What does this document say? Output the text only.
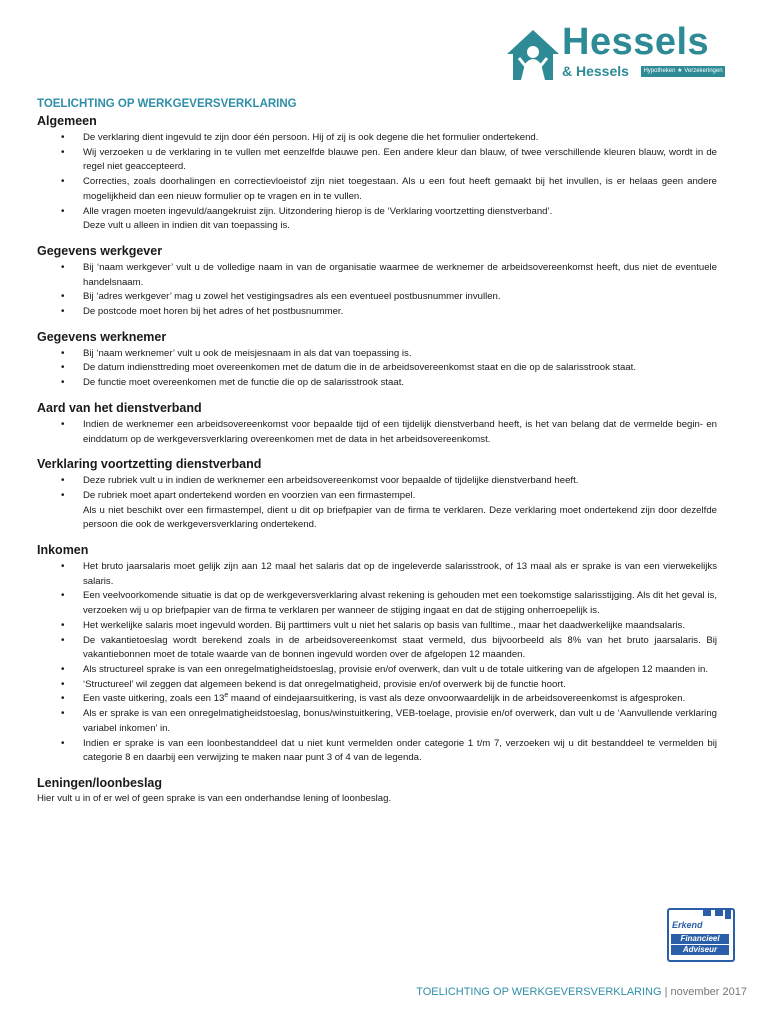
Hessels
& Hessels	Hypotheken ★ Verzekeringen
TOELICHTING OP WERKGEVERSVERKLARING
Algemeen
• De verklaring dient ingevuld te zijn door één persoon. Hij of zij is ook degene die het formulier ondertekend.
• Wij verzoeken u de verklaring in te vullen met eenzelfde blauwe pen. Een andere kleur dan blauw, of twee verschillende kleuren blauw, wordt in de regel niet geaccepteerd.
• Correcties, zoals doorhalingen en correctievloeistof zijn niet toegestaan. Als u een fout heeft gemaakt bij het invullen, is er helaas geen andere mogelijkheid dan een nieuw formulier op te vragen en in te vullen.
• Alle vragen moeten ingevuld/aangekruist zijn. Uitzondering hierop is de ‘Verklaring voortzetting dienstverband’.
Deze vult u alleen in indien dit van toepassing is.
Gegevens werkgever
• Bij ‘naam werkgever’ vult u de volledige naam in van de organisatie waarmee de werknemer de arbeidsovereenkomst heeft, dus niet de eventuele handelsnaam.
• Bij ‘adres werkgever’ mag u zowel het vestigingsadres als een eventueel postbusnummer invullen.
• De postcode moet horen bij het adres of het postbusnummer.
Gegevens werknemer
• Bij ‘naam werknemer’ vult u ook de meisjesnaam in als dat van toepassing is.
• De datum indiensttreding moet overeenkomen met de datum die in de arbeidsovereenkomst staat en die op de salarisstrook staat.
• De functie moet overeenkomen met de functie die op de salarisstrook staat.
Aard van het dienstverband
• Indien de werknemer een arbeidsovereenkomst voor bepaalde tijd of een tijdelijk dienstverband heeft, is het van belang dat de vermelde begin- en einddatum op de werkgeversverklaring overeenkomen met de data in het arbeidsovereenkomst.
Verklaring voortzetting dienstverband
• Deze rubriek vult u in indien de werknemer een arbeidsovereenkomst voor bepaalde of tijdelijke dienstverband heeft.
• De rubriek moet apart ondertekend worden en voorzien van een firmastempel.
Als u niet beschikt over een firmastempel, dient u dit op briefpapier van de firma te verklaren. Deze verklaring moet ondertekend zijn door dezelfde persoon die ook de werkgeversverklaring ondertekend.
Inkomen
• Het bruto jaarsalaris moet gelijk zijn aan 12 maal het salaris dat op de ingeleverde salarisstrook, of 13 maal als er sprake is van een vierwekelijks salaris.
• Een veelvoorkomende situatie is dat op de werkgeversverklaring alvast rekening is gehouden met een toekomstige salarisstijging. Als dit het geval is, verzoeken wij u op briefpapier van de firma te verklaren per wanneer de stijging ingaat en dat de stijging onherroepelijk is.
• Het werkelijke salaris moet ingevuld worden. Bij parttimers vult u niet het salaris op basis van fulltime., maar het daadwerkelijke maandsalaris.
• De vakantietoeslag wordt berekend zoals in de arbeidsovereenkomst staat vermeld, dus bijvoorbeeld als 8% van het bruto jaarsalaris. Bij vakantiebonnen moet de totale waarde van de bonnen ingevuld worden over de afgelopen 12 maanden.
• Als structureel sprake is van een onregelmatigheidstoeslag, provisie en/of overwerk, dan vult u de totale uitkering van de afgelopen 12 maanden in.
• ‘Structureel’ wil zeggen dat algemeen bekend is dat onregelmatigheid, provisie en/of overwerk bij de functie hoort.
• Een vaste uitkering, zoals een 13e maand of eindejaarsuitkering, is vast als deze onvoorwaardelijk in de arbeidsovereenkomst is afgesproken.
• Als er sprake is van een onregelmatigheidstoeslag, bonus/winstuitkering, VEB-toelage, provisie en/of overwerk, dan vult u de ‘Aanvullende verklaring variabel inkomen’ in.
• Indien er sprake is van een loonbestanddeel dat u niet kunt vermelden onder categorie 1 t/m 7, verzoeken wij u dit bestanddeel te vermelden bij categorie 8 en daarbij een verwijzing te maken naar punt 3 of 4 van de legenda.
Leningen/loonbeslag

Hier vult u in of er wel of geen sprake is van een onderhandse lening of loonbeslag.

Erkend
Financieel
Adviseur
TOELICHTING OP WERKGEVERSVERKLARING | november 2017
